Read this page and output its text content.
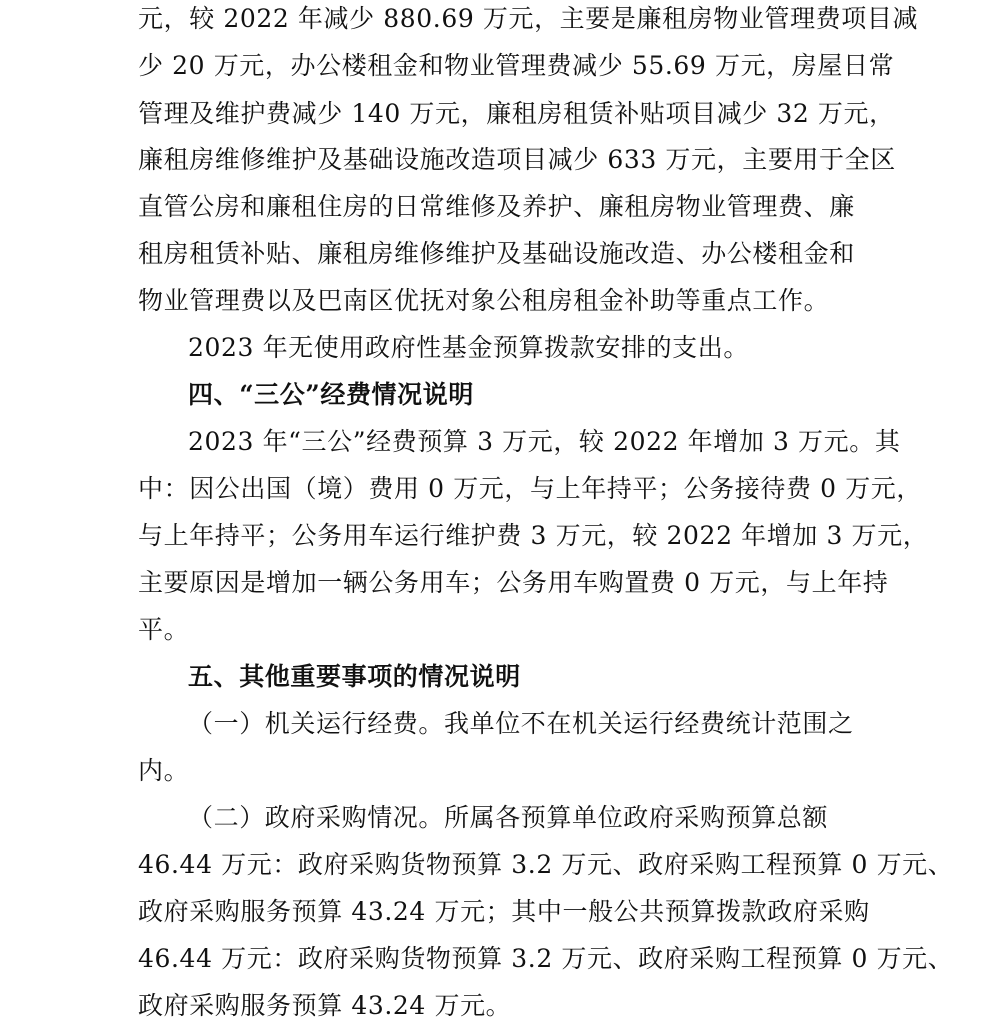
元，较 2022 年减少 880.69 万元，主要是廉租房物业管理费项目减
少 20 万元，办公楼租金和物业管理费减少 55.69 万元，房屋日常
管理及维护费减少 140 万元，廉租房租赁补贴项目减少 32 万元，
廉租房维修维护及基础设施改造项目减少 633 万元，主要用于全区
直管公房和廉租住房的日常维修及养护、廉租房物业管理费、廉
租房租赁补贴、廉租房维修维护及基础设施改造、办公楼租金和
物业管理费以及巴南区优抚对象公租房租金补助等重点工作。
2023 年无使用政府性基金预算拨款安排的支出。
四、“三公”经费情况说明
2023 年“三公”经费预算 3 万元，较 2022 年增加 3 万元。其
中：因公出国（境）费用 0 万元，与上年持平；公务接待费 0 万元，
与上年持平；公务用车运行维护费 3 万元，较 2022 年增加 3 万元，
主要原因是增加一辆公务用车；公务用车购置费 0 万元，与上年持
平。
五、其他重要事项的情况说明
（一）机关运行经费。我单位不在机关运行经费统计范围之
内。
（二）政府采购情况。所属各预算单位政府采购预算总额
46.44 万元：政府采购货物预算 3.2 万元、政府采购工程预算 0 万元、
政府采购服务预算 43.24 万元；其中一般公共预算拨款政府采购
46.44 万元：政府采购货物预算 3.2 万元、政府采购工程预算 0 万元、
政府采购服务预算 43.24 万元。
